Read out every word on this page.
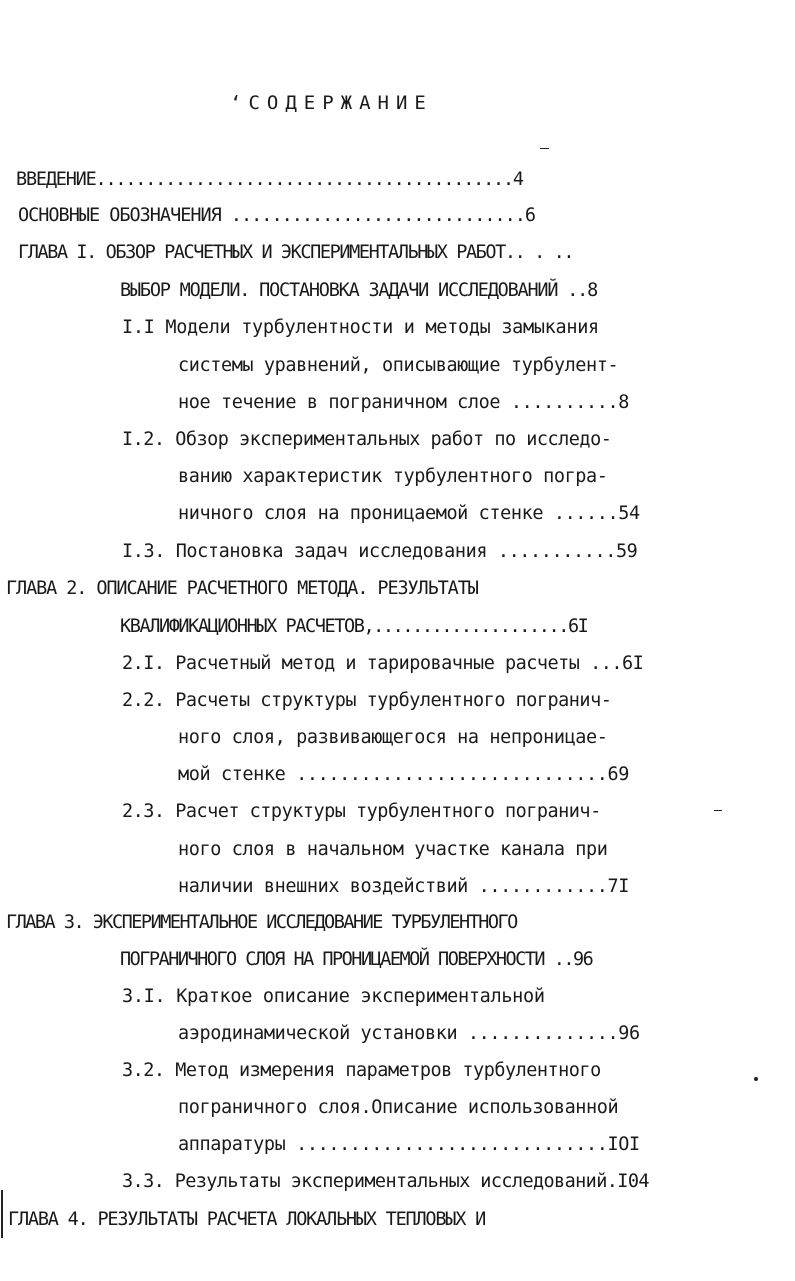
‘СОДЕРЖАНИЕ
ВВЕДЕНИЕ..........................................4
ОСНОВНЫЕ ОБОЗНАЧЕНИЯ .............................6
ГЛАВА I. ОБЗОР РАСЧЕТНЫХ И ЭКСПЕРИМЕНТАЛЬНЫХ РАБОТ.. . ..
ВЫБОР МОДЕЛИ. ПОСТАНОВКА ЗАДАЧИ ИССЛЕДОВАНИЙ ..8
I.I Модели турбулентности и методы замыкания
системы уравнений, описывающие турбулент-
ное течение в пограничном слое ..........8
I.2. Обзор экспериментальных работ по исследо-
ванию характеристик турбулентного погра-
ничного слоя на проницаемой стенке ......54
I.3. Постановка задач исследования ...........59
ГЛАВА 2. ОПИСАНИЕ РАСЧЕТНОГО МЕТОДА. РЕЗУЛЬТАТЫ
КВАЛИФИКАЦИОННЫХ РАСЧЕТОВ,....................6I
2.I. Расчетный метод и тарировачные расчеты ...6I
2.2. Расчеты структуры турбулентного погранич-
ного слоя, развивающегося на непроницае-
мой стенке .............................69
2.3. Расчет структуры турбулентного погранич-
ного слоя в начальном участке канала при
наличии внешних воздействий ............7I
ГЛАВА 3. ЭКСПЕРИМЕНТАЛЬНОЕ ИССЛЕДОВАНИЕ ТУРБУЛЕНТНОГО
ПОГРАНИЧНОГО СЛОЯ НА ПРОНИЦАЕМОЙ ПОВЕРХНОСТИ ..96
3.I. Краткое описание экспериментальной
аэродинамической установки ..............96
3.2. Метод измерения параметров турбулентного
пограничного слоя.Описание использованной
аппаратуры .............................IOI
3.3. Результаты экспериментальных исследований.I04
ГЛАВА 4. РЕЗУЛЬТАТЫ РАСЧЕТА ЛОКАЛЬНЫХ ТЕПЛОВЫХ И
